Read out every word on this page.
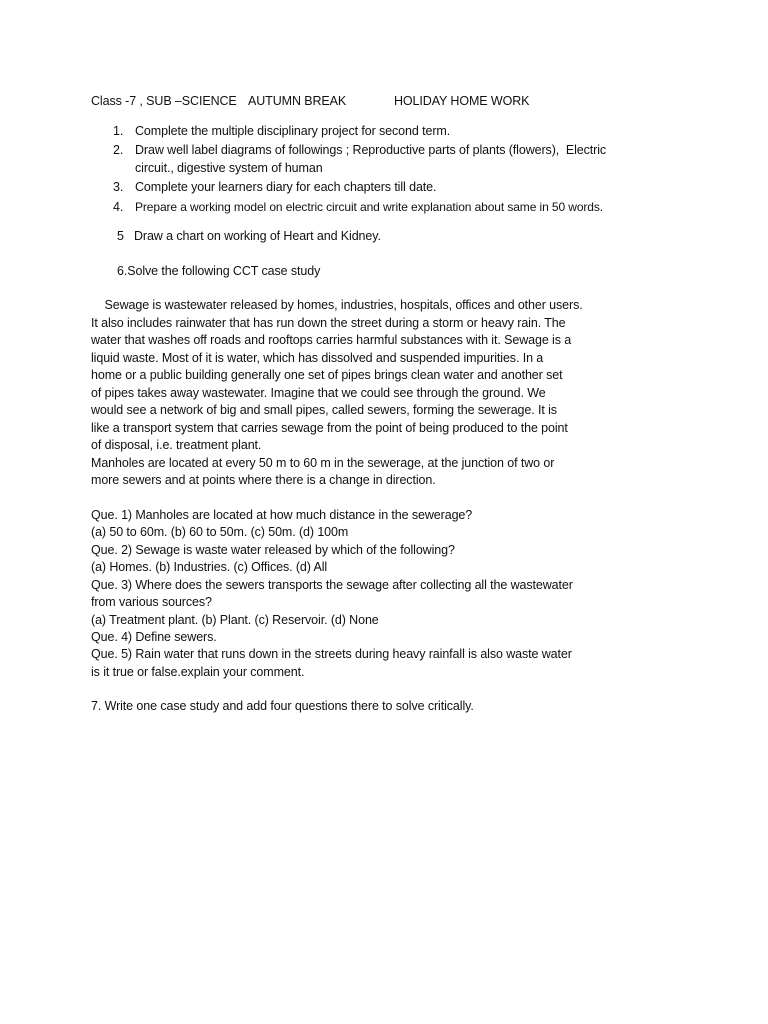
Class -7 , SUB –SCIENCE

AUTUMN BREAK

	HOLIDAY HOME WORK

1. Complete the multiple disciplinary project for second term.
2. Draw well label diagrams of followings ; Reproductive parts of plants (flowers),  Electric
circuit., digestive system of human
3. Complete your learners diary for each chapters till date.
4. Prepare a working model on electric circuit and write explanation about same in 50 words.
5   Draw a chart on working of Heart and Kidney.
6.Solve the following CCT case study
Sewage is wastewater released by homes, industries, hospitals, offices and other users.
It also includes rainwater that has run down the street during a storm or heavy rain. The
water that washes off roads and rooftops carries harmful substances with it. Sewage is a
liquid waste. Most of it is water, which has dissolved and suspended impurities. In a
home or a public building generally one set of pipes brings clean water and another set
of pipes takes away wastewater. Imagine that we could see through the ground. We
would see a network of big and small pipes, called sewers, forming the sewerage. It is
like a transport system that carries sewage from the point of being produced to the point
of disposal, i.e. treatment plant.
Manholes are located at every 50 m to 60 m in the sewerage, at the junction of two or
more sewers and at points where there is a change in direction.
Que. 1) Manholes are located at how much distance in the sewerage?
(a) 50 to 60m. (b) 60 to 50m. (c) 50m. (d) 100m
Que. 2) Sewage is waste water released by which of the following?
(a) Homes. (b) Industries. (c) Offices. (d) All
Que. 3) Where does the sewers transports the sewage after collecting all the wastewater
from various sources?
(a) Treatment plant. (b) Plant. (c) Reservoir. (d) None
Que. 4) Define sewers.
Que. 5) Rain water that runs down in the streets during heavy rainfall is also waste water
is it true or false.explain your comment.
7. Write one case study and add four questions there to solve critically.
